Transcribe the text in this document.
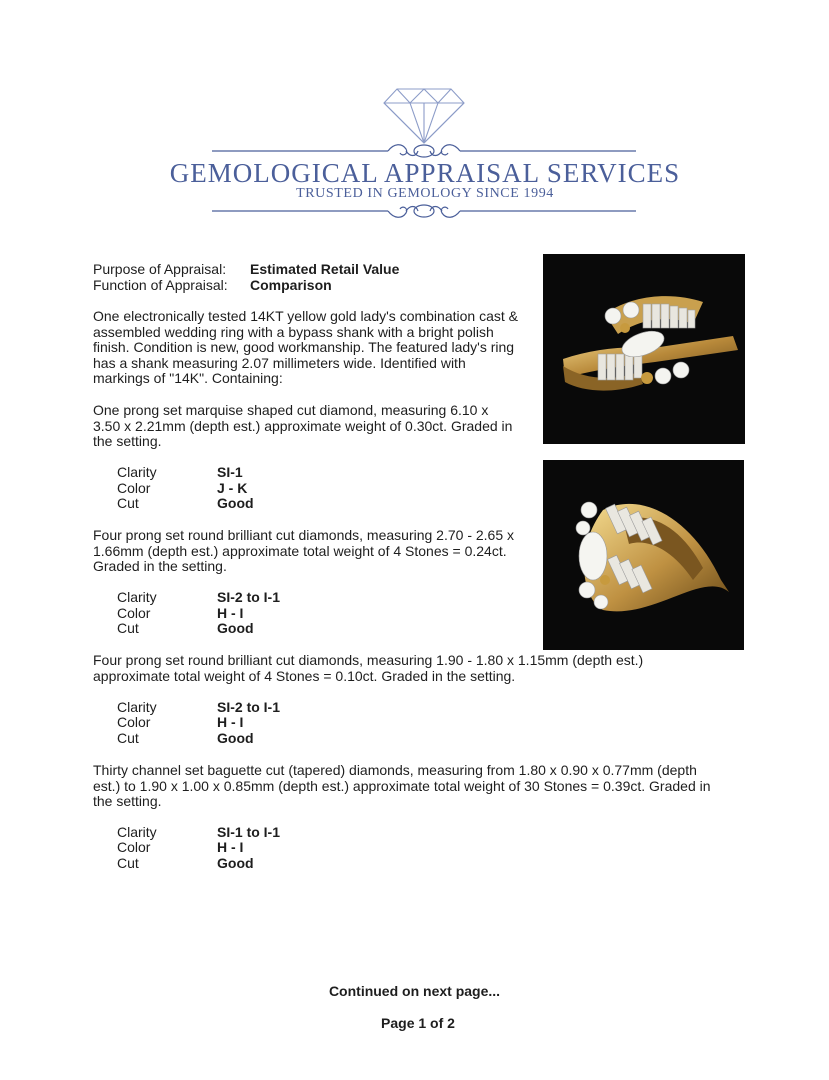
GEMOLOGICAL APPRAISAL SERVICES
TRUSTED IN GEMOLOGY SINCE 1994
Purpose of Appraisal: Estimated Retail Value
Function of Appraisal: Comparison
One electronically tested 14KT yellow gold lady's combination cast & assembled wedding ring with a bypass shank with a bright polish finish. Condition is new, good workmanship. The featured lady's ring has a shank measuring 2.07 millimeters wide. Identified with markings of "14K". Containing:
One prong set marquise shaped cut diamond, measuring 6.10 x 3.50 x 2.21mm (depth est.) approximate weight of 0.30ct. Graded in the setting.
Clarity	SI-1
Color	J - K
Cut	Good
Four prong set round brilliant cut diamonds, measuring 2.70 - 2.65 x 1.66mm (depth est.) approximate total weight of 4 Stones = 0.24ct. Graded in the setting.
Clarity	SI-2 to I-1
Color	H - I
Cut	Good
Four prong set round brilliant cut diamonds, measuring 1.90 - 1.80 x 1.15mm (depth est.) approximate total weight of 4 Stones = 0.10ct. Graded in the setting.
Clarity	SI-2 to I-1
Color	H - I
Cut	Good
Thirty channel set baguette cut (tapered) diamonds, measuring from 1.80 x 0.90 x 0.77mm (depth est.) to 1.90 x 1.00 x 0.85mm (depth est.) approximate total weight of 30 Stones = 0.39ct. Graded in the setting.
Clarity	SI-1 to I-1
Color	H - I
Cut	Good
Continued on next page...
Page 1 of 2
